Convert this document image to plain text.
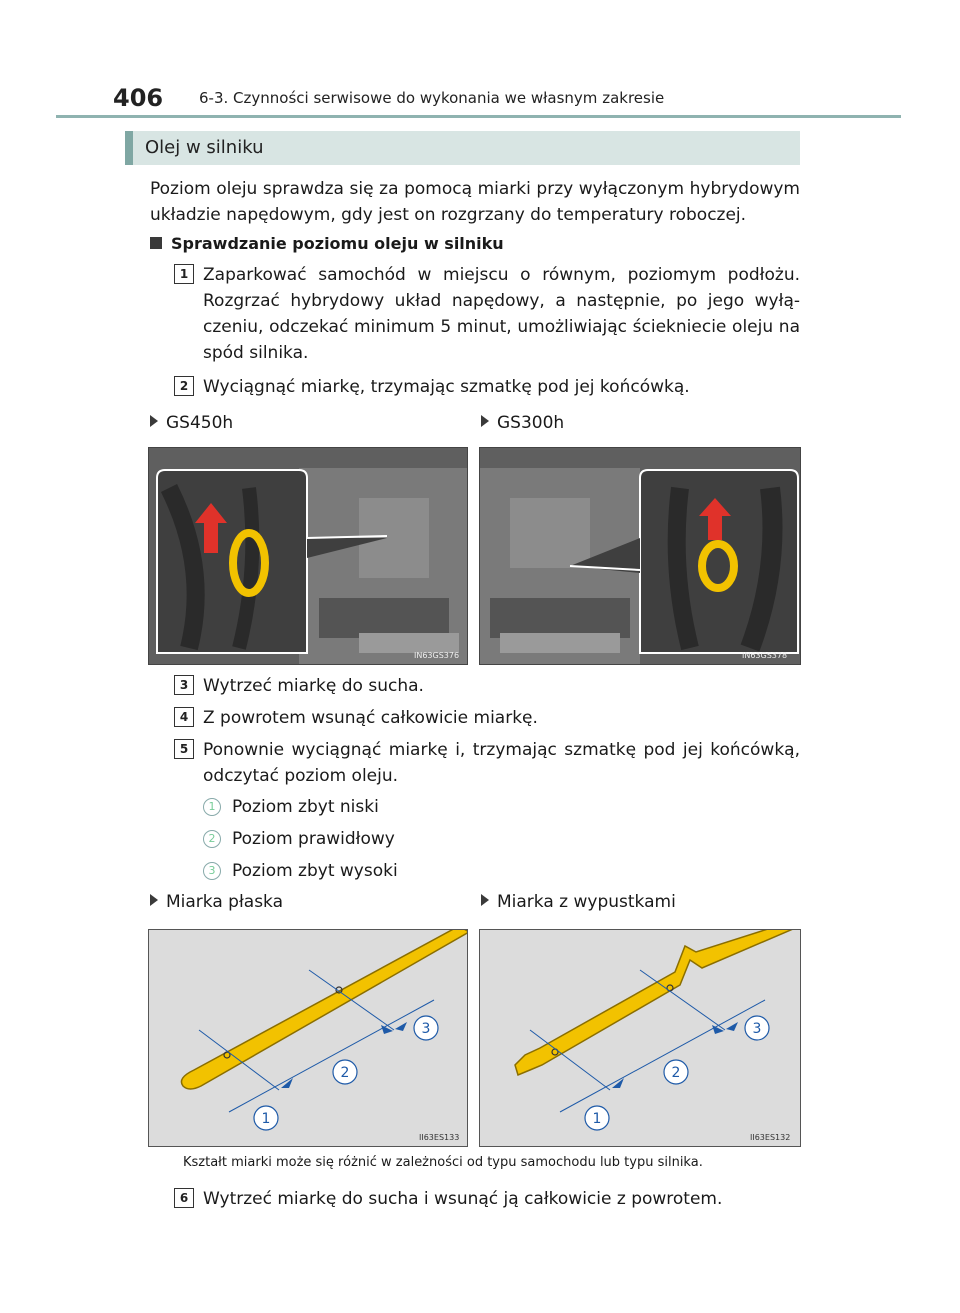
406 6-3. Czynności serwisowe do wykonania we własnym zakresie
Olej w silniku
Poziom oleju sprawdza się za pomocą miarki przy wyłączonym hybrydowym układzie napędowym, gdy jest on rozgrzany do temperatury roboczej.
Sprawdzanie poziomu oleju w silniku
1 Zaparkować samochód w miejscu o równym, poziomym podłożu. Rozgrzać hybrydowy układ napędowy, a następnie, po jego wyłą-czeniu, odczekać minimum 5 minut, umożliwiając ściekniecie oleju na spód silnika.
2 Wyciągnąć miarkę, trzymając szmatkę pod jej końcówką.
GS450h	GS300h
IN63GS376	IN63GS378
3 Wytrzeć miarkę do sucha.
4 Z powrotem wsunąć całkowicie miarkę.
5 Ponownie wyciągnąć miarkę i, trzymając szmatkę pod jej końcówką, odczytać poziom oleju.
1 Poziom zbyt niski
2 Poziom prawidłowy
3 Poziom zbyt wysoki
Miarka płaska	Miarka z wypustkami
1
2
3
II63ES133
1
2
3
II63ES132
Kształt miarki może się różnić w zależności od typu samochodu lub typu silnika.
6 Wytrzeć miarkę do sucha i wsunąć ją całkowicie z powrotem.
